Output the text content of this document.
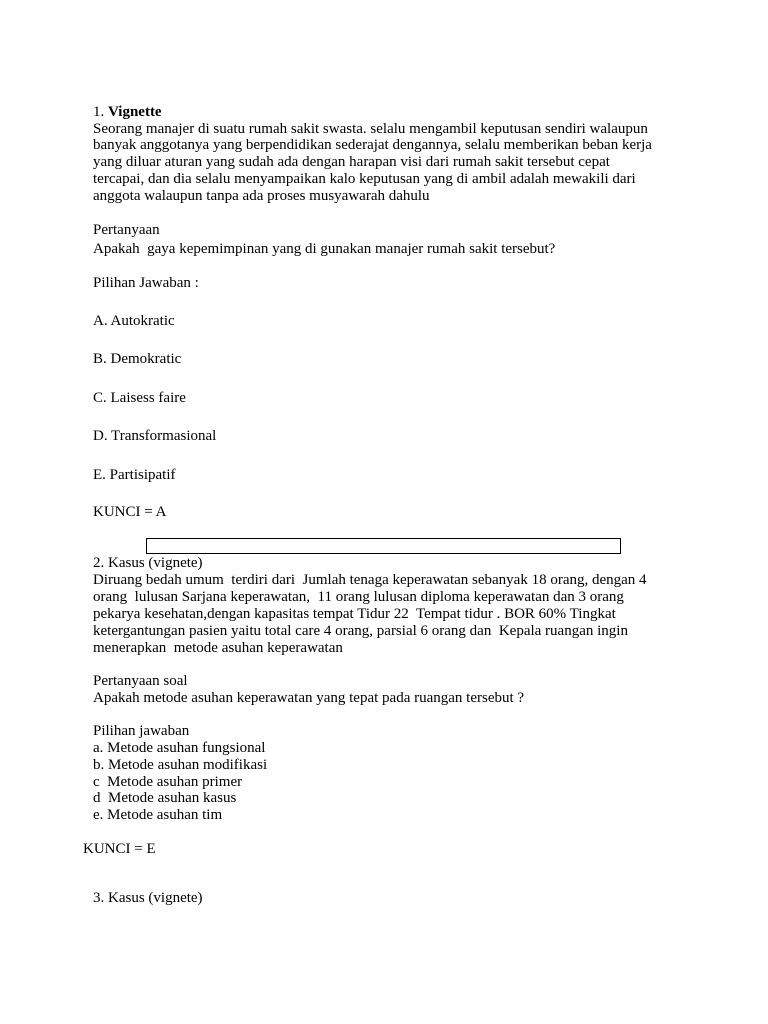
1. Vignette
Seorang manajer di suatu rumah sakit swasta. selalu mengambil keputusan sendiri walaupun
banyak anggotanya yang berpendidikan sederajat dengannya, selalu memberikan beban kerja
yang diluar aturan yang sudah ada dengan harapan visi dari rumah sakit tersebut cepat
tercapai, dan dia selalu menyampaikan kalo keputusan yang di ambil adalah mewakili dari
anggota walaupun tanpa ada proses musyawarah dahulu
Pertanyaan
Apakah  gaya kepemimpinan yang di gunakan manajer rumah sakit tersebut?
Pilihan Jawaban :
A. Autokratic
B. Demokratic
C. Laisess faire
D. Transformasional
E. Partisipatif
KUNCI = A
2. Kasus (vignete)
Diruang bedah umum  terdiri dari  Jumlah tenaga keperawatan sebanyak 18 orang, dengan 4
orang  lulusan Sarjana keperawatan,  11 orang lulusan diploma keperawatan dan 3 orang
pekarya kesehatan,dengan kapasitas tempat Tidur 22  Tempat tidur . BOR 60% Tingkat
ketergantungan pasien yaitu total care 4 orang, parsial 6 orang dan  Kepala ruangan ingin
menerapkan  metode asuhan keperawatan
Pertanyaan soal
Apakah metode asuhan keperawatan yang tepat pada ruangan tersebut ?
Pilihan jawaban
a. Metode asuhan fungsional
b. Metode asuhan modifikasi
c  Metode asuhan primer
d  Metode asuhan kasus
e. Metode asuhan tim
KUNCI = E
3. Kasus (vignete)
